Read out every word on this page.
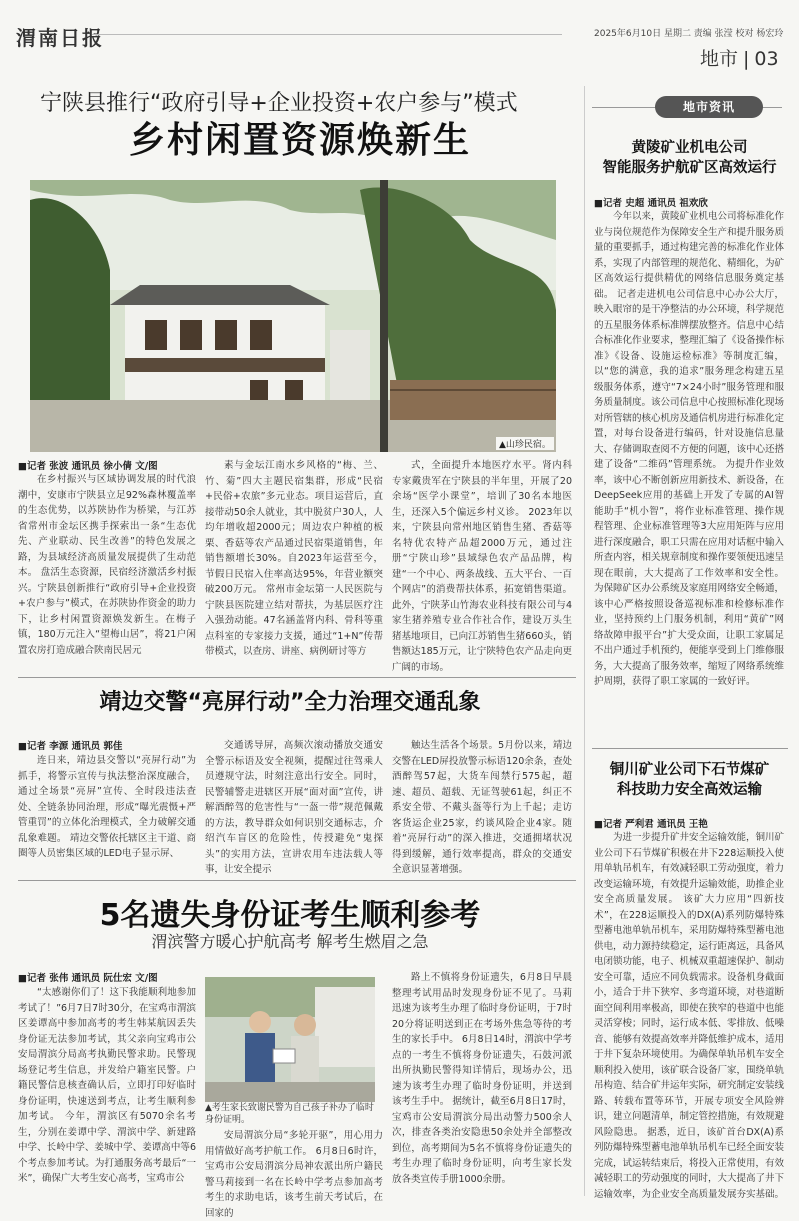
渭南日报	2025年6月10日 星期二 责编 张滢 校对 杨宏玲
地市 | 03
宁陕县推行“政府引导+企业投资+农户参与”模式
乡村闲置资源焕新生
▲山珍民宿。
■记者 张波 通讯员 徐小倩 文/图

在乡村振兴与区域协调发展的时代浪潮中，安康市宁陕县立足92%森林覆盖率的生态优势，以苏陕协作为桥梁，与江苏省常州市金坛区携手探索出一条“生态优先、产业联动、民生改善”的特色发展之路，为县域经济高质量发展提供了生动范本。 盘活生态资源，民宿经济激活乡村振兴。宁陕县创新推行“政府引导+企业投资+农户参与”模式，在苏陕协作资金的助力下，让乡村闲置资源焕发新生。在梅子镇，180万元注入“望梅山居”，将21户闲置农房打造成融合陕南民居元

素与金坛江南水乡风格的“梅、兰、竹、菊”四大主题民宿集群，形成“民宿+民俗+农旅”多元业态。项目运营后，直接带动50余人就业，其中脱贫户30人，人均年增收超2000元；周边农户种植的板栗、香菇等农产品通过民宿渠道销售，年销售额增长30%。自2023年运营至今，节假日民宿入住率高达95%，年营业额突破200万元。 常州市金坛第一人民医院与宁陕县医院建立结对帮扶，为基层医疗注入强劲动能。47名涵盖肾内科、骨科等重点科室的专家接力支援，通过“1+N”传帮带模式，以查房、讲座、病例研讨等方

式，全面提升本地医疗水平。肾内科专家戴贵军在宁陕县的半年里，开展了20余场“医学小课堂”，培训了30名本地医生，还深入5个偏远乡村义诊。 2023年以来，宁陕县向常州地区销售生猪、香菇等名特优农特产品超2000万元，通过注册“宁陕山珍”县域绿色农产品品牌，构建“一个中心、两条战线、五大平台、一百个网店”的消费帮扶体系，拓宽销售渠道。此外，宁陕茅山竹海农业科技有限公司与4家生猪养殖专业合作社合作，建设万头生猪基地项目，已向江苏销售生猪660头，销售额达185万元，让宁陕特色农产品走向更广阔的市场。

靖边交警“亮屏行动”全力治理交通乱象
■记者 李源 通讯员 郭佳

连日来，靖边县交警以“亮屏行动”为抓手，将警示宣传与执法整治深度融合，通过全场景“亮屏”宣传、全时段违法查处、全链条协同治理，形成“曝光震慑+严管重罚”的立体化治理模式，全力破解交通乱象难题。 靖边交警依托辖区主干道、商圈等人员密集区域的LED电子显示屏、

交通诱导屏，高频次滚动播放交通安全警示标语及安全视频，提醒过往驾乘人员遵规守法，时刻注意出行安全。同时，民警辅警走进辖区开展“面对面”宣传，讲解酒醉驾的危害性与“一盔一带”规范佩戴的方法，教导群众如何识别交通标志，介绍汽车盲区的危险性，传授避免“鬼探头”的实用方法，宣讲农用车违法载人等事，让安全提示

触达生活各个场景。5月份以来，靖边交警在LED屏投放警示标语120余条，查处酒醉驾57起，大货车闯禁行575起，超速、超员、超载、无证驾驶61起，纠正不系安全带、不戴头盔等行为上千起；走访客货运企业25家，约谈风险企业4家。随着“亮屏行动”的深入推进，交通拥堵状况得到缓解，通行效率提高，群众的交通安全意识显著增强。

5名遗失身份证考生顺利参考
渭滨警方暖心护航高考 解考生燃眉之急
■记者 张伟 通讯员 阮仕宏 文/图

“太感谢你们了！这下我能顺利地参加考试了！”6月7日7时30分，在宝鸡市渭滨区姜谭高中参加高考的考生韩某航因丢失身份证无法参加考试，其父亲向宝鸡市公安局渭滨分局高考执勤民警求助。民警现场登记考生信息，并发给户籍室民警。户籍民警信息核查确认后，立即打印好临时身份证明，快速送到考点，让考生顺利参加考试。 今年，渭滨区有5070余名考生，分别在姜谭中学、渭滨中学、新建路中学、长岭中学、姜城中学、姜谭高中等6个考点参加考试。为打通服务高考最后“一米”，确保广大考生安心高考，宝鸡市公

▲考生家长致谢民警为自己孩子补办了临时身份证明。

安局渭滨分局“多轮开驱”，用心用力用情做好高考护航工作。 6月8日6时许，宝鸡市公安局渭滨分局神农派出所户籍民警马莉接到一名在长岭中学考点参加高考考生的求助电话，该考生前天考试后，在回家的

路上不慎将身份证遗失，6月8日早晨整理考试用品时发现身份证不见了。马莉迅速为该考生办理了临时身份证明，于7时20分将证明送到正在考场外焦急等待的考生的家长手中。 6月8日14时，渭滨中学考点的一考生不慎将身份证遗失，石鼓河派出所执勤民警得知详情后，现场办公，迅速为该考生办理了临时身份证明，并送到该考生手中。 据统计，截至6月8日17时，宝鸡市公安局渭滨分局出动警力500余人次，排查各类治安隐患50余处并全部整改到位，高考期间为5名不慎将身份证遗失的考生办理了临时身份证明，向考生家长发放各类宣传手册1000余册。

地市资讯
黄陵矿业机电公司
智能服务护航矿区高效运行
■记者 史超 通讯员 祖欢欣

今年以来，黄陵矿业机电公司将标准化作业与岗位规范作为保障安全生产和提升服务质量的重要抓手，通过构建完善的标准化作业体系，实现了内部管理的规范化、精细化，为矿区高效运行提供精优的网络信息服务奠定基础。 记者走进机电公司信息中心办公大厅，映入眼帘的是干净整洁的办公环境，科学规范的五星服务体系标准牌摆放整齐。信息中心结合标准化作业要求，整理汇编了《设备操作标准》《设备、设施运检标准》等制度汇编，以“您的满意，我的追求”服务理念构建五星级服务体系，遵守“7×24小时”服务管理和服务质量制度。该公司信息中心按照标准化现场对所管辖的核心机房及通信机房进行标准化定置，对每台设备进行编码，针对设施信息量大、存储调取查阅不方便的问题，该中心还搭建了设备“二维码”管理系统。 为提升作业效率，该中心不断创新应用新技术、新设备，在DeepSeek应用的基础上开发了专属的AI智能助手“机小智”，将作业标准管理、操作规程管理、企业标准管理等3大应用矩阵与应用进行深度融合，职工只需在应用对话框中输入所查内容，相关规章制度和操作要领便迅速呈现在眼前，大大提高了工作效率和安全性。 为保障矿区办公系统及家庭用网络安全畅通，该中心严格按照设备巡视标准和检修标准作业，坚持预约上门服务机制，利用“黄矿”网络故障申报平台”扩大受众面，让职工家属足不出户通过手机预约，便能享受到上门维修服务，大大提高了服务效率，缩短了网络系统维护周期，获得了职工家属的一致好评。

铜川矿业公司下石节煤矿
科技助力安全高效运输
■记者 严利君 通讯员 王艳

为进一步提升矿井安全运输效能，铜川矿业公司下石节煤矿积极在井下228运顺投入使用单轨吊机车，有效减轻职工劳动强度，着力改变运输环境，有效提升运输效能，助推企业安全高质量发展。 该矿大力应用“四新技术”，在228运顺投入的DX(A)系列防爆特殊型蓄电池单轨吊机车，采用防爆特殊型蓄电池供电，动力源持续稳定，运行距离远，具备风电闭锁功能，电子、机械双重超速保护、制动安全可靠，适应不同负载需求。设备机身截面小，适合于井下狭窄、多弯道环境，对巷道断面空间利用率极高，即使在狭窄的巷道中也能灵活穿梭；同时，运行成本低、零排放、低噪音、能够有效提高效率并降低维护成本，适用于井下复杂环境使用。为确保单轨吊机车安全顺利投入使用，该矿联合设备厂家，围绕单轨吊构造、结合矿井运年实际，研究制定安装线路、转载布置等环节，开展专项安全风险辨识，建立问题清单，制定管控措施，有效规避风险隐患。 据悉，近日，该矿首台DX(A)系列防爆特殊型蓄电池单轨吊机车已经全面安装完成，试运转结束后，将投入正常使用，有效减轻职工的劳动强度的同时，大大提高了井下运输效率，为企业安全高质量发展夯实基础。
